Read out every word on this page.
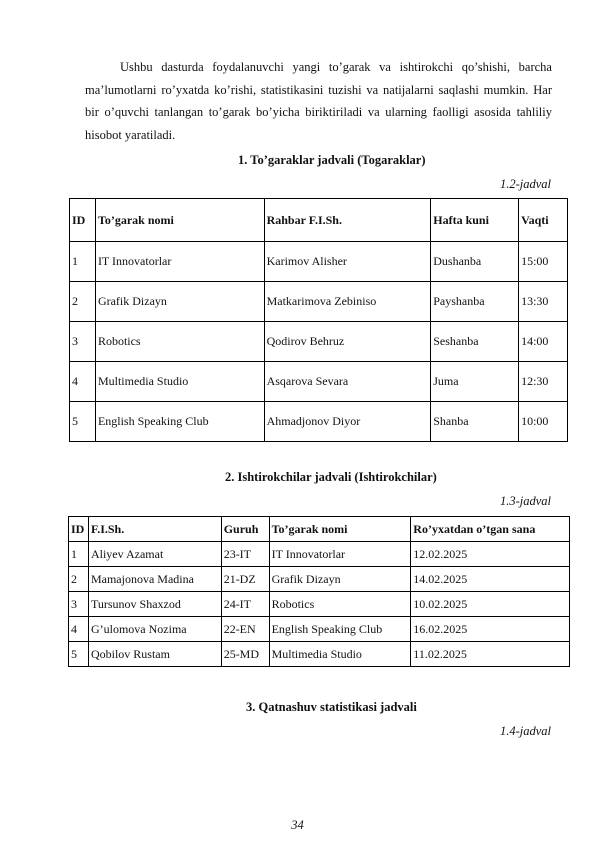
Ushbu dasturda foydalanuvchi yangi to’garak va ishtirokchi qo’shishi, barcha ma’lumotlarni ro’yxatda ko’rishi, statistikasini tuzishi va natijalarni saqlashi mumkin. Har bir o’quvchi tanlangan to’garak bo’yicha biriktiriladi va ularning faolligi asosida tahliliy hisobot yaratiladi.

1. To’garaklar jadvali (Togaraklar)
1.2-jadval
ID	To’garak nomi	Rahbar F.I.Sh.	Hafta kuni	Vaqti
1	IT Innovatorlar	Karimov Alisher	Dushanba	15:00
2	Grafik Dizayn	Matkarimova Zebiniso	Payshanba	13:30
3	Robotics	Qodirov Behruz	Seshanba	14:00
4	Multimedia Studio	Asqarova Sevara	Juma	12:30
5	English Speaking Club	Ahmadjonov Diyor	Shanba	10:00
2. Ishtirokchilar jadvali (Ishtirokchilar)
1.3-jadval
ID	F.I.Sh.	Guruh	To’garak nomi	Ro’yxatdan o’tgan sana
1	Aliyev Azamat	23-IT	IT Innovatorlar	12.02.2025
2	Mamajonova Madina	21-DZ	Grafik Dizayn	14.02.2025
3	Tursunov Shaxzod	24-IT	Robotics	10.02.2025
4	G’ulomova Nozima	22-EN	English Speaking Club	16.02.2025
5	Qobilov Rustam	25-MD	Multimedia Studio	11.02.2025
3. Qatnashuv statistikasi jadvali
1.4-jadval
34
